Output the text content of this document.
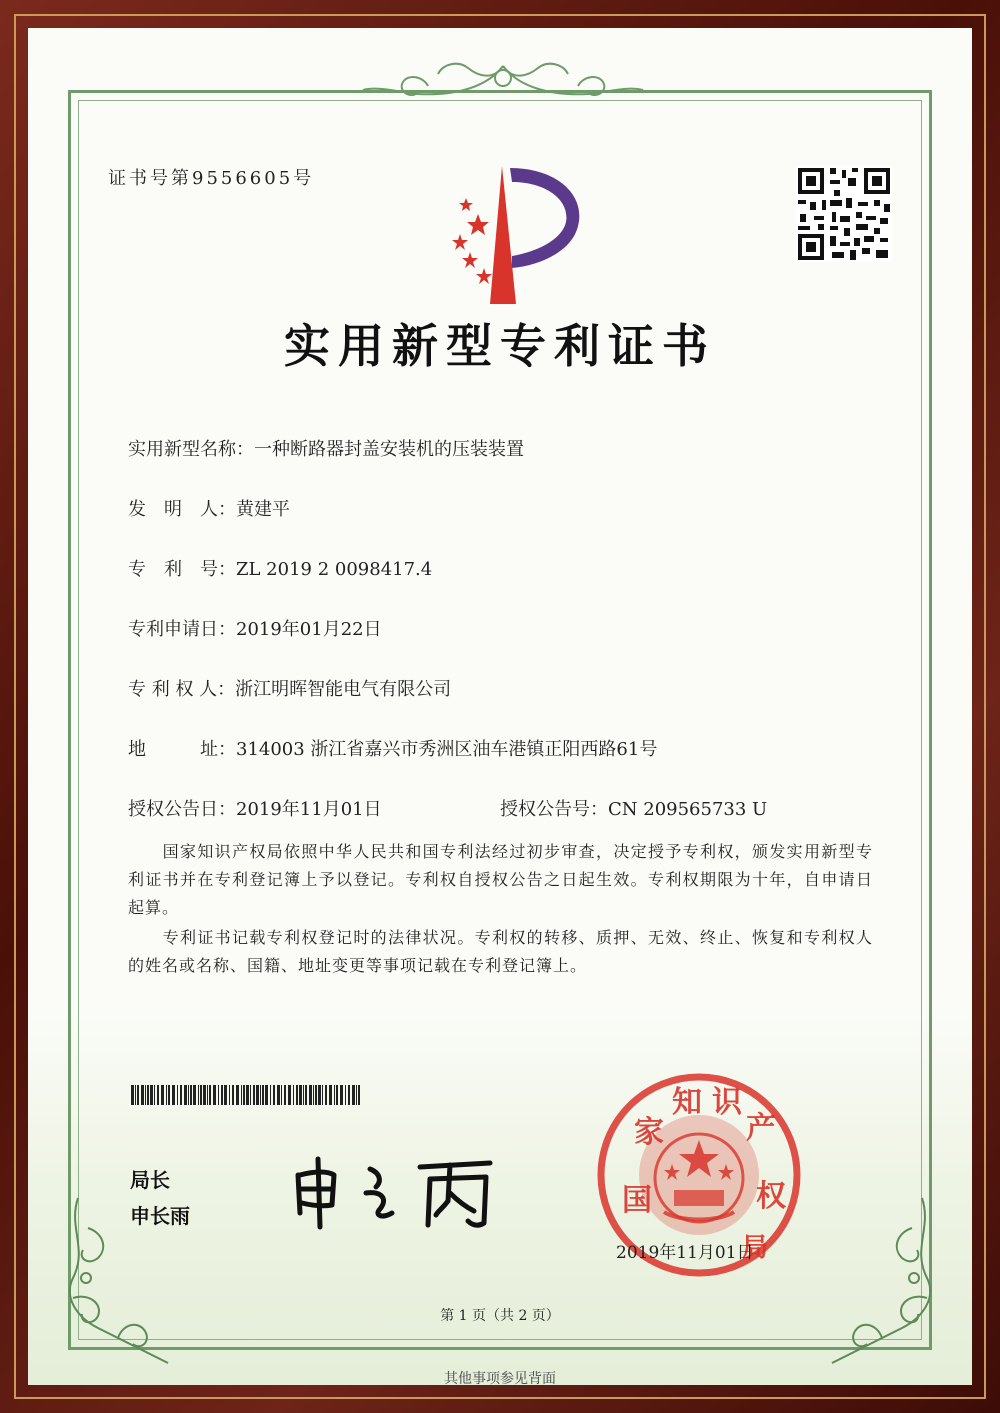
证书号第9556605号
实用新型专利证书
实用新型名称：一种断路器封盖安装机的压装装置
发　明　人：黄建平
专　利　号：ZL 2019 2 0098417.4
专利申请日：2019年01月22日
专 利 权 人：浙江明晖智能电气有限公司
地　　　址：314003 浙江省嘉兴市秀洲区油车港镇正阳西路61号
授权公告日：2019年11月01日	授权公告号：CN 209565733 U
　　国家知识产权局依照中华人民共和国专利法经过初步审查，决定授予专利权，颁发实用新型专利证书并在专利登记簿上予以登记。专利权自授权公告之日起生效。专利权期限为十年，自申请日起算。
　　专利证书记载专利权登记时的法律状况。专利权的转移、质押、无效、终止、恢复和专利权人的姓名或名称、国籍、地址变更等事项记载在专利登记簿上。
局长
申长雨	国
家
知 识
产
权
局
2019年11月01日
第 1 页（共 2 页）
其他事项参见背面
